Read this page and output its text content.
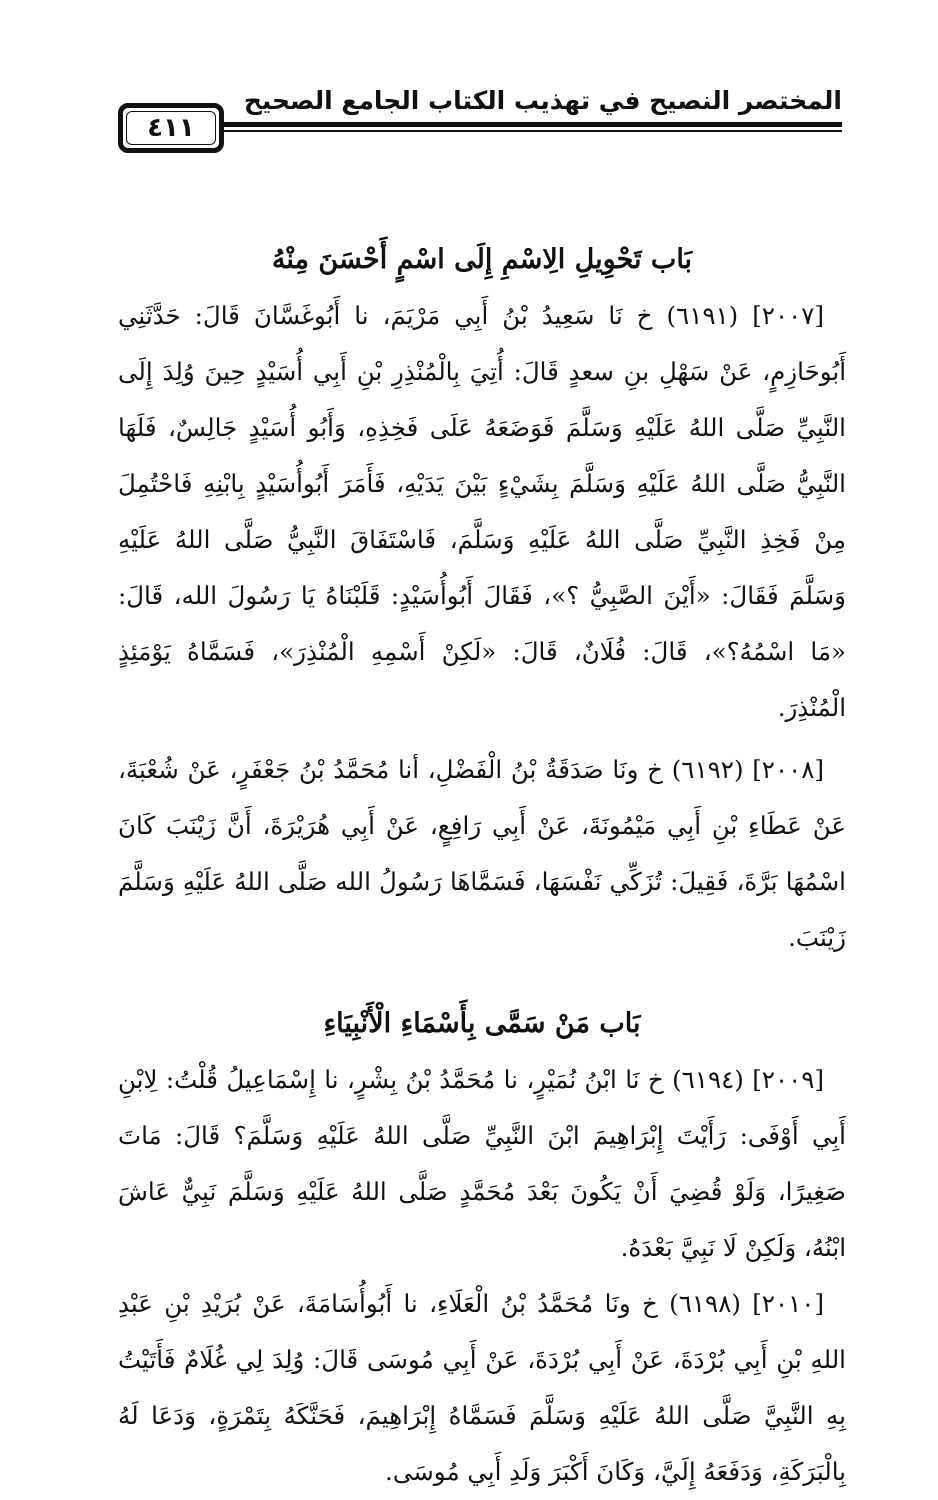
المختصر النصيح في تهذيب الكتاب الجامع الصحيح
٤١١
بَاب تَحْوِيلِ الِاسْمِ إِلَى اسْمٍ أَحْسَنَ مِنْهُ

[٢٠٠٧] (٦١٩١) خ نَا سَعِيدُ بْنُ أَبِي مَرْيَمَ، نا أَبُوغَسَّانَ قَالَ: حَدَّثَنِي أَبُوحَازِمٍ، عَنْ سَهْلِ بنِ سعدٍ قَالَ: أُتِيَ بِالْمُنْذِرِ بْنِ أَبِي أُسَيْدٍ حِينَ وُلِدَ إِلَى النَّبِيِّ صَلَّى اللهُ عَلَيْهِ وَسَلَّمَ فَوَضَعَهُ عَلَى فَخِذِهِ، وَأَبُو أُسَيْدٍ جَالِسٌ، فَلَهَا النَّبِيُّ صَلَّى اللهُ عَلَيْهِ وَسَلَّمَ بِشَيْءٍ بَيْنَ يَدَيْهِ، فَأَمَرَ أَبُوأُسَيْدٍ بِابْنِهِ فَاحْتُمِلَ مِنْ فَخِذِ النَّبِيِّ صَلَّى اللهُ عَلَيْهِ وَسَلَّمَ، فَاسْتَفَاقَ النَّبِيُّ صَلَّى اللهُ عَلَيْهِ وَسَلَّمَ فَقَالَ: «أَيْنَ الصَّبِيُّ ؟»، فَقَالَ أَبُوأُسَيْدٍ: قَلَبْنَاهُ يَا رَسُولَ الله، قَالَ: «مَا اسْمُهُ؟»، قَالَ: فُلَانٌ، قَالَ: «لَكِنْ أَسْمِهِ الْمُنْذِرَ»، فَسَمَّاهُ يَوْمَئِذٍ الْمُنْذِرَ.

[٢٠٠٨] (٦١٩٢) خ ونَا صَدَقَةُ بْنُ الْفَضْلِ، أنا مُحَمَّدُ بْنُ جَعْفَرٍ، عَنْ شُعْبَةَ، عَنْ عَطَاءِ بْنِ أَبِي مَيْمُونَةَ، عَنْ أَبِي رَافِعٍ، عَنْ أَبِي هُرَيْرَةَ، أَنَّ زَيْنَبَ كَانَ اسْمُهَا بَرَّةَ، فَقِيلَ: تُزَكِّي نَفْسَهَا، فَسَمَّاهَا رَسُولُ الله صَلَّى اللهُ عَلَيْهِ وَسَلَّمَ زَيْنَبَ.

بَاب مَنْ سَمَّى بِأَسْمَاءِ الْأَنْبِيَاءِ

[٢٠٠٩] (٦١٩٤) خ نَا ابْنُ نُمَيْرٍ، نا مُحَمَّدُ بْنُ بِشْرٍ، نا إِسْمَاعِيلُ قُلْتُ: لِابْنِ أَبِي أَوْفَى: رَأَيْتَ إِبْرَاهِيمَ ابْنَ النَّبِيِّ صَلَّى اللهُ عَلَيْهِ وَسَلَّمَ؟ قَالَ: مَاتَ صَغِيرًا، وَلَوْ قُضِيَ أَنْ يَكُونَ بَعْدَ مُحَمَّدٍ صَلَّى اللهُ عَلَيْهِ وَسَلَّمَ نَبِيٌّ عَاشَ ابْنُهُ، وَلَكِنْ لَا نَبِيَّ بَعْدَهُ.

[٢٠١٠] (٦١٩٨) خ ونَا مُحَمَّدُ بْنُ الْعَلَاءِ، نا أَبُوأُسَامَةَ، عَنْ بُرَيْدِ بْنِ عَبْدِ اللهِ بْنِ أَبِي بُرْدَةَ، عَنْ أَبِي بُرْدَةَ، عَنْ أَبِي مُوسَى قَالَ: وُلِدَ لِي غُلَامٌ فَأَتَيْتُ بِهِ النَّبِيَّ صَلَّى اللهُ عَلَيْهِ وَسَلَّمَ فَسَمَّاهُ إِبْرَاهِيمَ، فَحَنَّكَهُ بِتَمْرَةٍ، وَدَعَا لَهُ بِالْبَرَكَةِ، وَدَفَعَهُ إِلَيَّ، وَكَانَ أَكْبَرَ وَلَدِ أَبِي مُوسَى.
